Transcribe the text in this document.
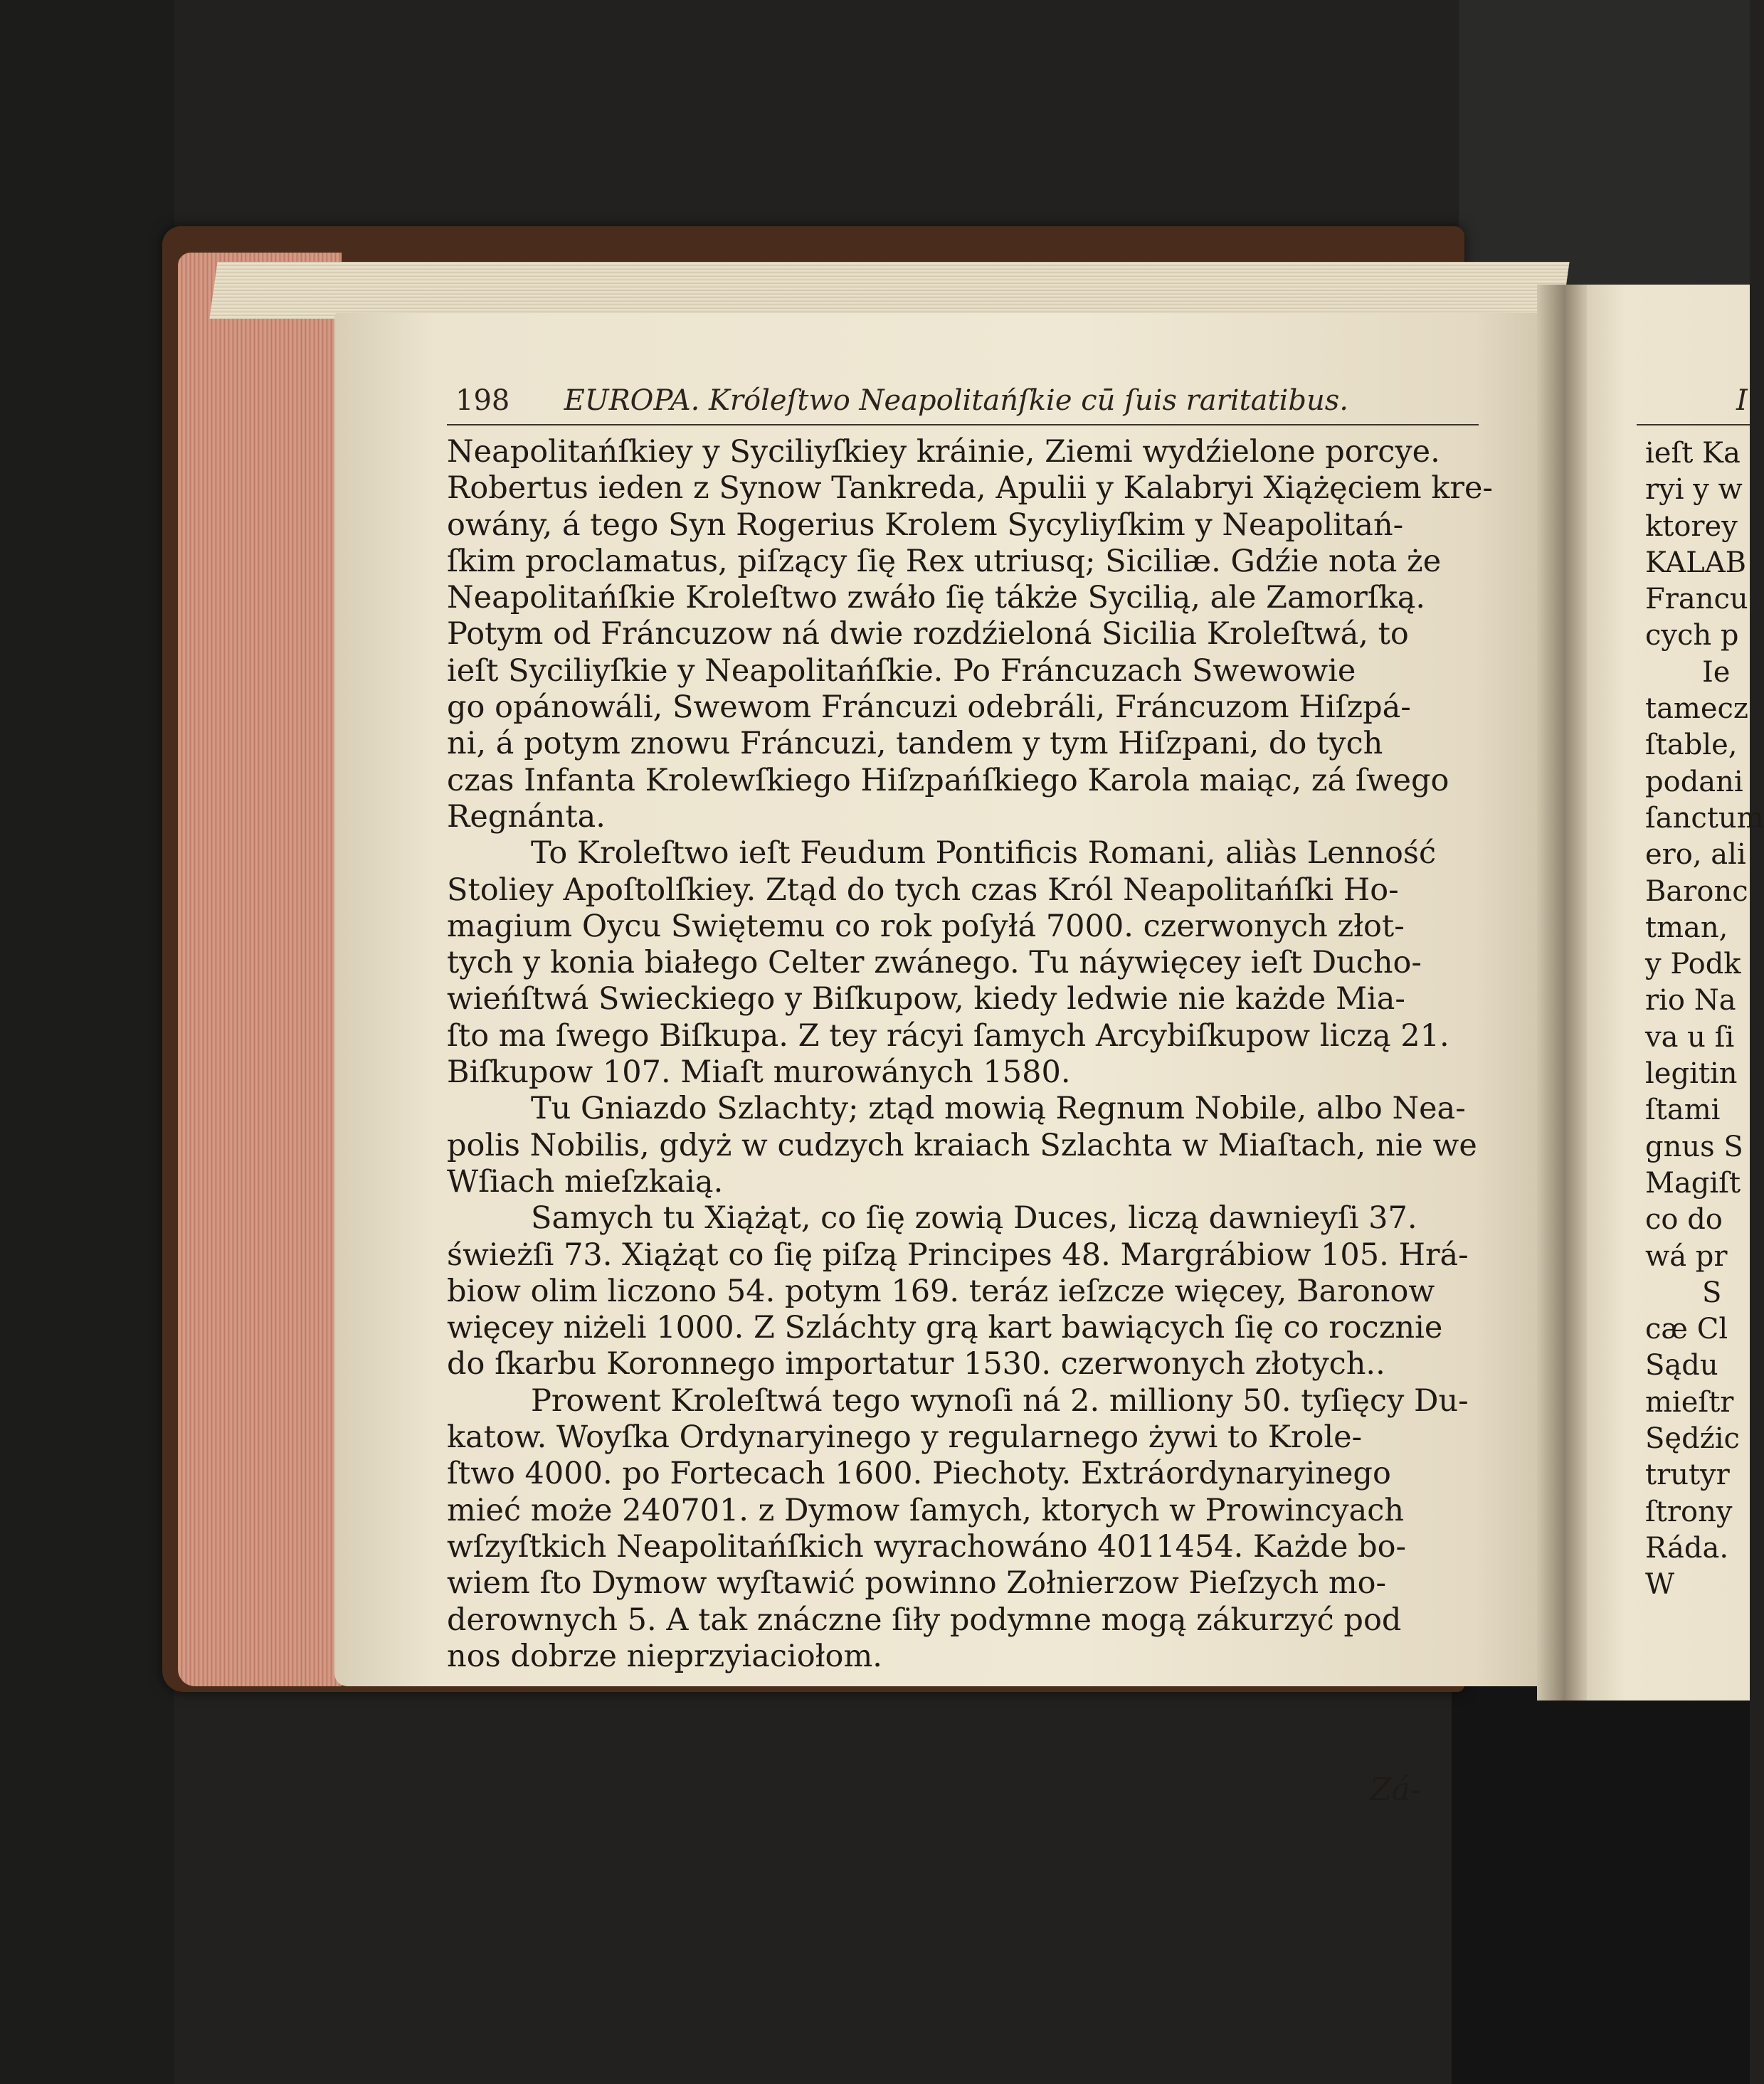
198 EUROPA. Króleſtwo Neapolitańſkie cū ſuis raritatibus.
Neapolitańſkiey y Syciliyſkiey kráinie, Ziemi wydźielone porcye.
Robertus ieden z Synow Tankreda, Apulii y Kalabryi Xiążęciem kre-
owány, á tego Syn Rogerius Krolem Sycyliyſkim y Neapolitań-
ſkim proclamatus, piſzący ſię Rex utriusq; Siciliæ. Gdźie nota że
Neapolitańſkie Kroleſtwo zwáło ſię tákże Sycilią, ale Zamorſką.
Potym od Fráncuzow ná dwie rozdźieloná Sicilia Kroleſtwá, to
ieſt Syciliyſkie y Neapolitańſkie. Po Fráncuzach Swewowie
go opánowáli, Swewom Fráncuzi odebráli, Fráncuzom Hiſzpá-
ni, á potym znowu Fráncuzi, tandem y tym Hiſzpani, do tych
czas Infanta Krolewſkiego Hiſzpańſkiego Karola maiąc, zá ſwego
Regnánta.
To Kroleſtwo ieſt Feudum Pontificis Romani, aliàs Lenność
Stoliey Apoſtolſkiey. Ztąd do tych czas Król Neapolitańſki Ho-
magium Oycu Swiętemu co rok poſyłá 7000. czerwonych złot-
tych y konia białego Celter zwánego. Tu náywięcey ieſt Ducho-
wieńſtwá Swieckiego y Biſkupow, kiedy ledwie nie każde Mia-
ſto ma ſwego Biſkupa. Z tey rácyi ſamych Arcybiſkupow liczą 21.
Biſkupow 107. Miaſt murowánych 1580.
Tu Gniazdo Szlachty; ztąd mowią Regnum Nobile, albo Nea-
polis Nobilis, gdyż w cudzych kraiach Szlachta w Miaſtach, nie we
Wſiach mieſzkaią.
Samych tu Xiążąt, co ſię zowią Duces, liczą dawnieyſi 37.
świeżſi 73. Xiążąt co ſię piſzą Principes 48. Margrábiow 105. Hrá-
biow olim liczono 54. potym 169. teráz ieſzcze więcey, Baronow
więcey niżeli 1000. Z Szláchty grą kart bawiących ſię co rocznie
do ſkarbu Koronnego importatur 1530. czerwonych złotych..
Prowent Kroleſtwá tego wynoſi ná 2. milliony 50. tyſięcy Du-
katow. Woyſka Ordynaryinego y regularnego żywi to Krole-
ſtwo 4000. po Fortecach 1600. Piechoty. Extráordynaryinego
mieć może 240701. z Dymow ſamych, ktorych w Prowincyach
wſzyſtkich Neapolitańſkich wyrachowáno 4011454. Każde bo-
wiem ſto Dymow wyſtawić powinno Zołnierzow Pieſzych mo-
derownych 5. A tak znáczne ſiły podymne mogą zákurzyć pod
nos dobrze nieprzyiaciołom.
Zá-
I
ieſt Ka
ryi y w
ktorey
KALAB
Francu
cych p
Ie
tamecz
ſtable,
podani
ſanctum
ero, ali
Baronc
tman,
y Podk
rio Na
va u ſi
legitin
ſtami
gnus S
Magiſt
co do
wá pr
S
cæ Cl
Sądu
mieſtr
Sędźic
trutyr
ſtrony
Ráda.
W
